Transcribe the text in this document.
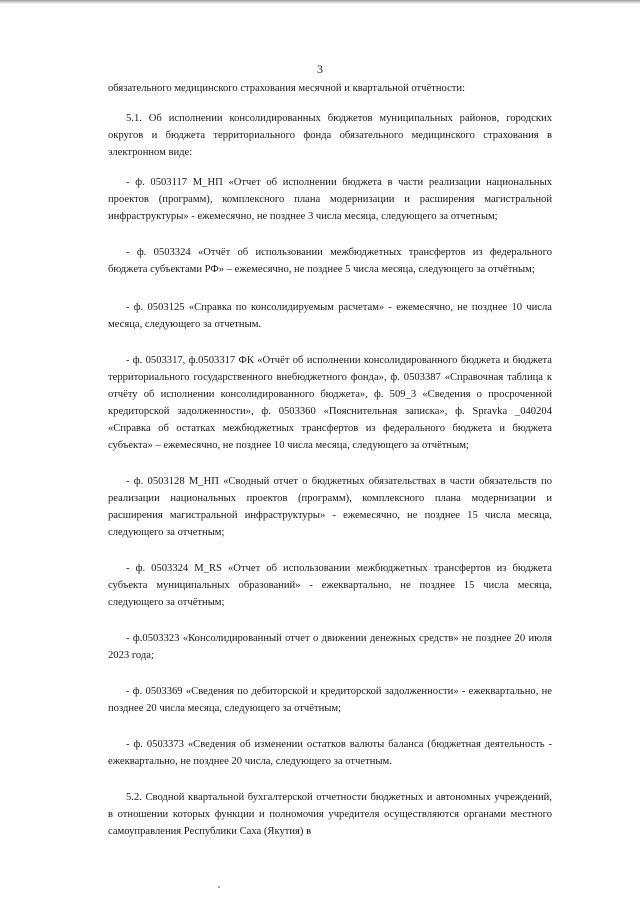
3

обязательного медицинского страхования месячной и квартальной отчётности:

5.1. Об исполнении консолидированных бюджетов муниципальных районов, городских округов и бюджета территориального фонда обязательного медицинского страхования в электронном виде:

- ф. 0503117 М_НП «Отчет об исполнении бюджета в части реализации национальных проектов (программ), комплексного плана модернизации и расширения магистральной инфраструктуры» - ежемесячно, не позднее 3 числа месяца, следующего за отчетным;

- ф. 0503324 «Отчёт об использовании межбюджетных трансфертов из федерального бюджета субъектами РФ» – ежемесячно, не позднее 5 числа месяца, следующего за отчётным;

- ф. 0503125 «Справка по консолидируемым расчетам» - ежемесячно, не позднее 10 числа месяца, следующего за отчетным.

- ф. 0503317, ф.0503317 ФК «Отчёт об исполнении консолидированного бюджета и бюджета территориального государственного внебюджетного фонда», ф. 0503387 «Справочная таблица к отчёту об исполнении консолидированного бюджета», ф. 509_3 «Сведения о просроченной кредиторской задолженности», ф. 0503360 «Пояснительная записка», ф. Spravka _040204 «Справка об остатках межбюджетных трансфертов из федерального бюджета и бюджета субъекта» – ежемесячно, не позднее 10 числа месяца, следующего за отчётным;

- ф. 0503128 М_НП «Сводный отчет о бюджетных обязательствах в части обязательств по реализации национальных проектов (программ), комплексного плана модернизации и расширения магистральной инфраструктуры» - ежемесячно, не позднее 15 числа месяца, следующего за отчетным;

- ф. 0503324 M_RS «Отчет об использовании межбюджетных трансфертов из бюджета субъекта муниципальных образований» - ежеквартально, не позднее 15 числа месяца, следующего за отчётным;

- ф.0503323 «Консолидированный отчет о движении денежных средств» не позднее 20 июля 2023 года;

- ф. 0503369 «Сведения по дебиторской и кредиторской задолженности» - ежеквартально, не позднее 20 числа месяца, следующего за отчётным;

- ф. 0503373 «Сведения об изменении остатков валюты баланса (бюджетная деятельность - ежеквартально, не позднее 20 числа, следующего за отчетным.

5.2. Сводной квартальной бухгалтерской отчетности бюджетных и автономных учреждений, в отношении которых функции и полномочия учредителя осуществляются органами местного самоуправления Республики Саха (Якутия) в
